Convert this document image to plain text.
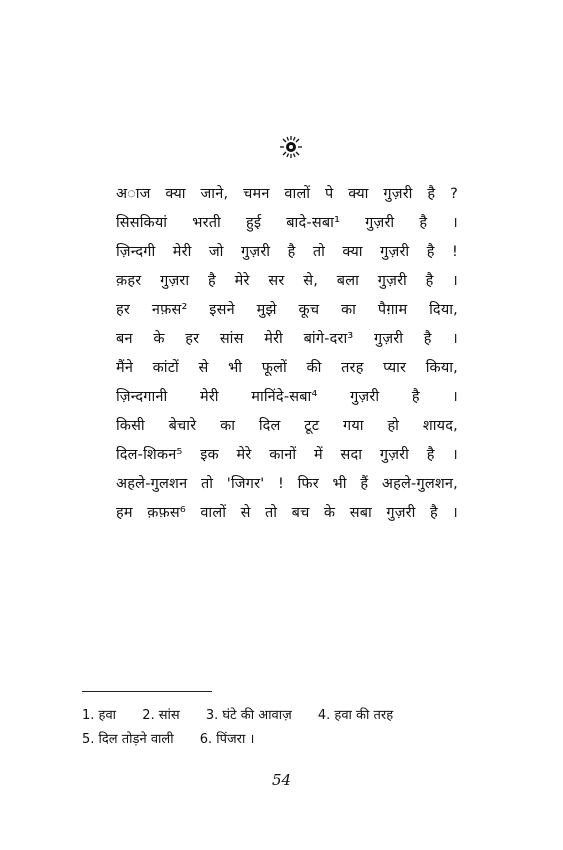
अाज क्या जाने, चमन वालों पे क्या गुज़री है ?
सिसकियां भरती हुई बादे-सबा¹ गुज़री है ।
ज़िन्दगी मेरी जो गुज़री है तो क्या गुज़री है !
क़हर गुज़रा है मेरे सर से, बला गुज़री है ।
हर नफ़स² इसने मुझे कूच का पैग़ाम दिया,
बन के हर सांस मेरी बांगे-दरा³ गुज़री है ।
मैंने कांटों से भी फूलों की तरह प्यार किया,
ज़िन्दगानी मेरी मानिंदे-सबा⁴ गुज़री है ।
किसी बेचारे का दिल टूट गया हो शायद,
दिल-शिकन⁵ इक मेरे कानों में सदा गुज़री है ।
अहले-गुलशन तो 'जिगर' ! फिर भी हैं अहले-गुलशन,
हम क़फ़स⁶ वालों से तो बच के सबा गुज़री है ।
1. हवा 2. सांस 3. घंटे की आवाज़ 4. हवा की तरह
5. दिल तोड़ने वाली 6. पिंजरा ।
54
